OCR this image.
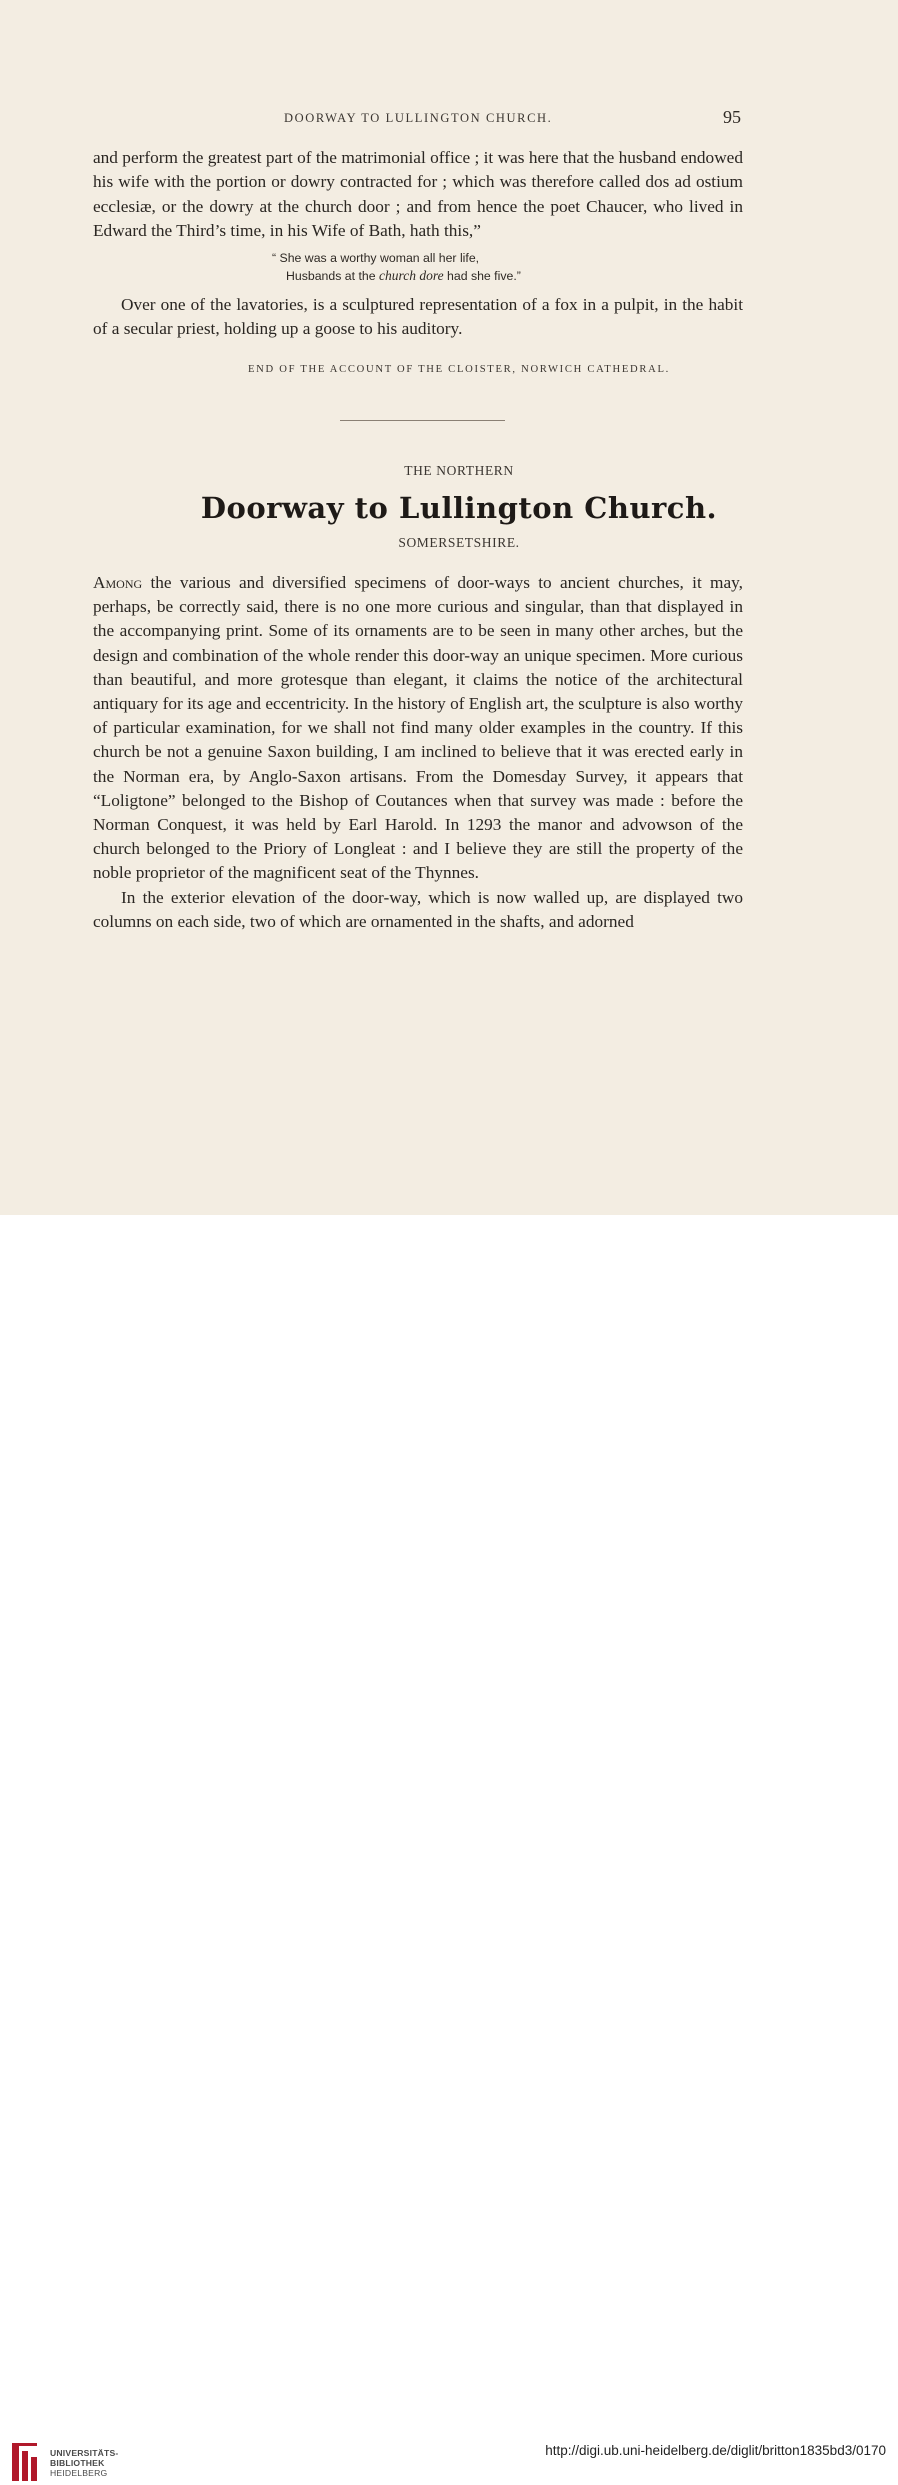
DOORWAY TO LULLINGTON CHURCH.	95

and perform the greatest part of the matrimonial office ; it was here that the husband endowed his wife with the portion or dowry contracted for ; which was therefore called dos ad ostium ecclesiæ, or the dowry at the church door ; and from hence the poet Chaucer, who lived in Edward the Third’s time, in his Wife of Bath, hath this,”

“ She was a worthy woman all her life,
Husbands at the church dore had she five.”

Over one of the lavatories, is a sculptured representation of a fox in a pulpit, in the habit of a secular priest, holding up a goose to his auditory.

END OF THE ACCOUNT OF THE CLOISTER, NORWICH CATHEDRAL.
THE NORTHERN
Doorway to Lullington Church.
SOMERSETSHIRE.

Among the various and diversified specimens of door-ways to ancient churches, it may, perhaps, be correctly said, there is no one more curious and singular, than that displayed in the accompanying print. Some of its ornaments are to be seen in many other arches, but the design and combination of the whole render this door-way an unique specimen. More curious than beautiful, and more grotesque than elegant, it claims the notice of the architectural antiquary for its age and eccentricity. In the history of English art, the sculpture is also worthy of particular examination, for we shall not find many older examples in the country. If this church be not a genuine Saxon building, I am inclined to believe that it was erected early in the Norman era, by Anglo-Saxon artisans. From the Domesday Survey, it appears that “Loligtone” belonged to the Bishop of Coutances when that survey was made : before the Norman Conquest, it was held by Earl Harold. In 1293 the manor and advowson of the church belonged to the Priory of Longleat : and I believe they are still the property of the noble proprietor of the magnificent seat of the Thynnes.

In the exterior elevation of the door-way, which is now walled up, are displayed two columns on each side, two of which are ornamented in the shafts, and adorned

UNIVERSITÄTS-
BIBLIOTHEK
HEIDELBERG
http://digi.ub.uni-heidelberg.de/diglit/britton1835bd3/0170
